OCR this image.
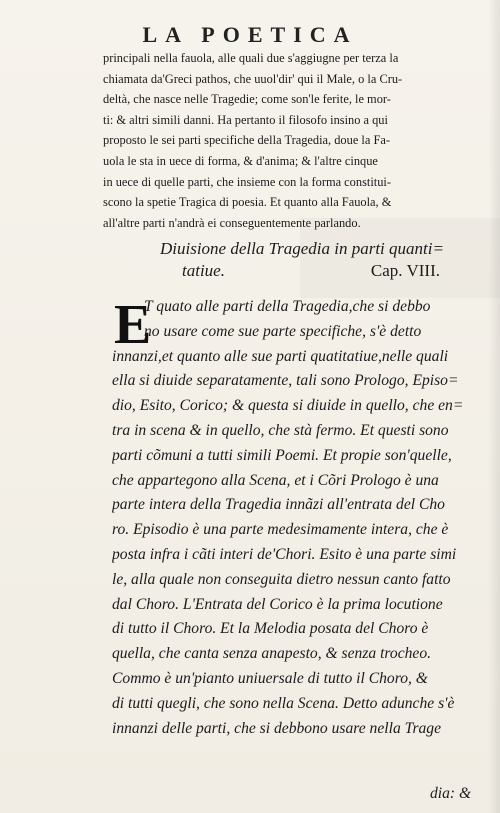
LA POETICA
principali nella fauola, alle quali due s'aggiugne per terza la
chiamata da'Greci pathos, che uuol'dir' qui il Male, o la Cru-
deltà, che nasce nelle Tragedie; come son'le ferite, le mor-
ti: & altri simili danni. Ha pertanto il filosofo insino a qui
proposto le sei parti specifiche della Tragedia, doue la Fa-
uola le sta in uece di forma, & d'anima; & l'altre cinque
in uece di quelle parti, che insieme con la forma constitui-
scono la spetie Tragica di poesia. Et quanto alla Fauola, &
all'altre parti n'andrà ei conseguentemente parlando.
Diuisione della Tragedia in parti quanti=
tatiue.	Cap. VIII.
E
T quato alle parti della Tragedia,che si debbo
no usare come sue parte specifiche, s'è detto
innanzi,et quanto alle sue parti quatitatiue,nelle quali
ella si diuide separatamente, tali sono Prologo, Episo=
dio, Esito, Corico; & questa si diuide in quello, che en=
tra in scena & in quello, che stà fermo. Et questi sono
parti cõmuni a tutti simili Poemi. Et propie son'quelle,
che appartegono alla Scena, et i Cõri Prologo è una
parte intera della Tragedia innãzi all'entrata del Cho
ro. Episodio è una parte medesimamente intera, che è
posta infra i cãti interi de'Chori. Esito è una parte simi
le, alla quale non conseguita dietro nessun canto fatto
dal Choro. L'Entrata del Corico è la prima locutione
di tutto il Choro. Et la Melodia posata del Choro è
quella, che canta senza anapesto, & senza trocheo.
Commo è un'pianto uniuersale di tutto il Choro, &
di tutti quegli, che sono nella Scena. Detto adunche s'è
innanzi delle parti, che si debbono usare nella Trage
dia: &
